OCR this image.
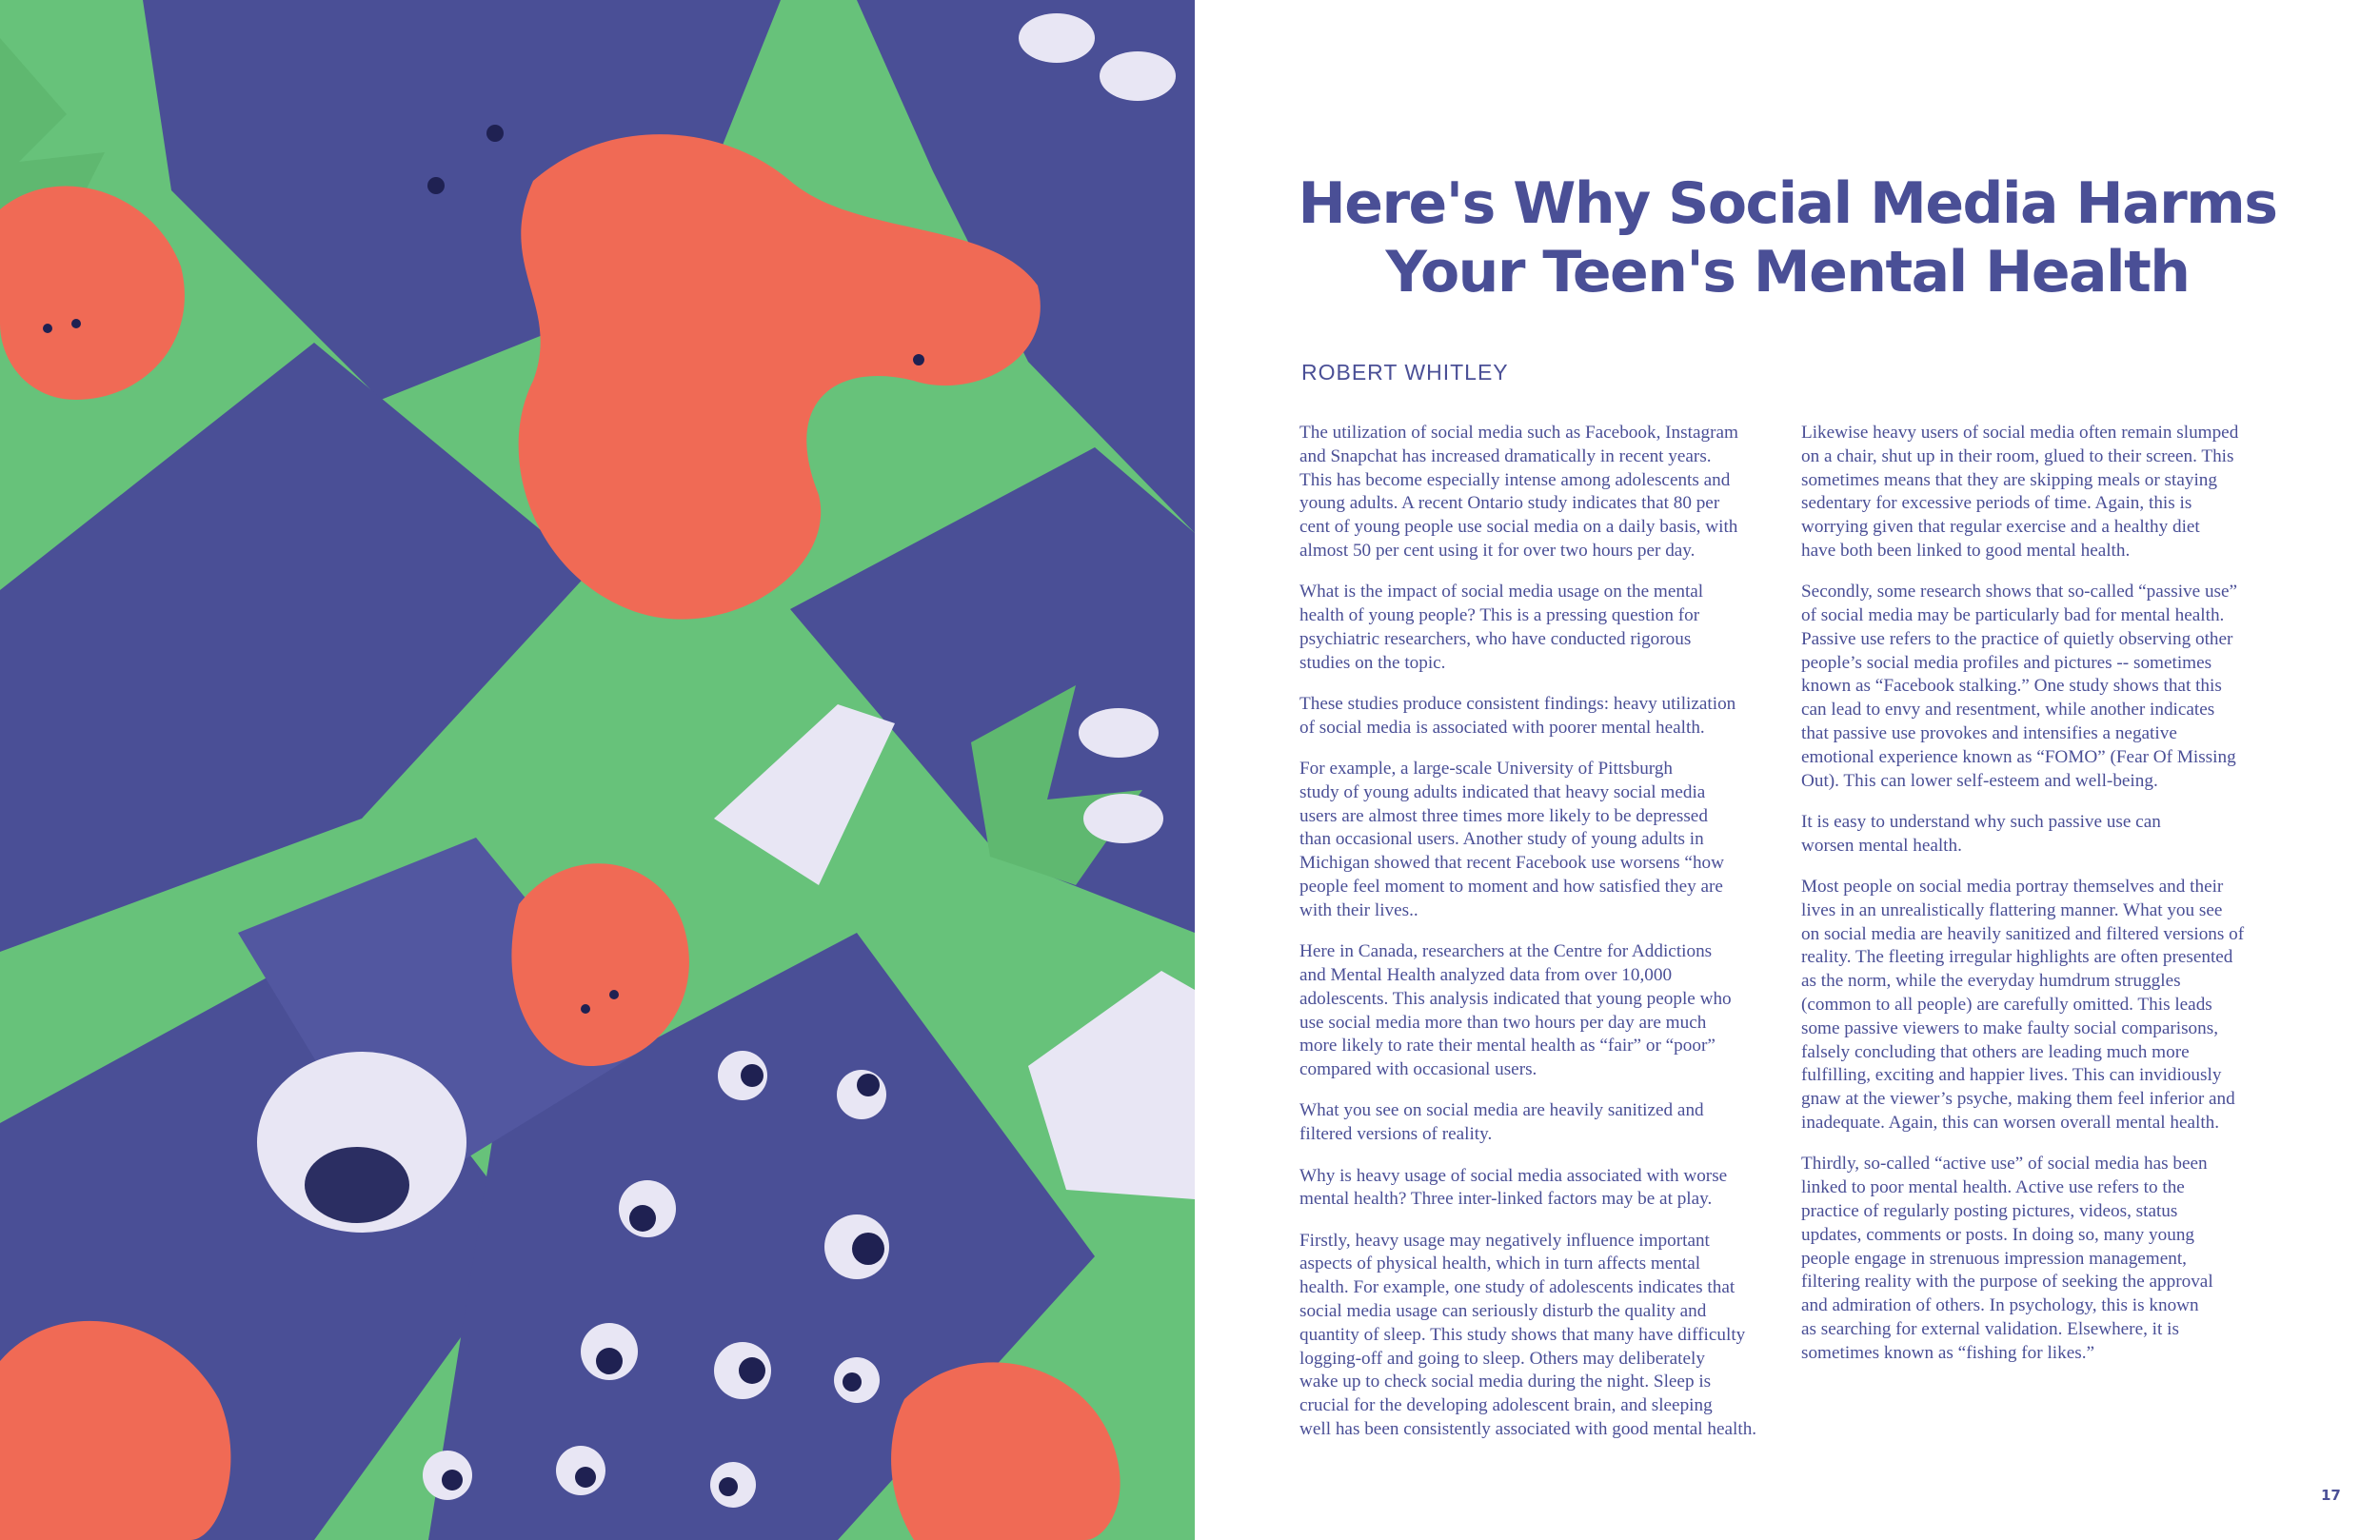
Here's Why Social Media Harms
Your Teen's Mental Health

ROBERT WHITLEY

The utilization of social media such as Facebook, Instagram
and Snapchat has increased dramatically in recent years.
This has become especially intense among adolescents and
young adults. A recent Ontario study indicates that 80 per
cent of young people use social media on a daily basis, with
almost 50 per cent using it for over two hours per day.

What is the impact of social media usage on the mental
health of young people? This is a pressing question for
psychiatric researchers, who have conducted rigorous
studies on the topic.

These studies produce consistent findings: heavy utilization
of social media is associated with poorer mental health.

For example, a large-scale University of Pittsburgh
study of young adults indicated that heavy social media
users are almost three times more likely to be depressed
than occasional users. Another study of young adults in
Michigan showed that recent Facebook use worsens “how
people feel moment to moment and how satisfied they are
with their lives..

Here in Canada, researchers at the Centre for Addictions
and Mental Health analyzed data from over 10,000
adolescents. This analysis indicated that young people who
use social media more than two hours per day are much
more likely to rate their mental health as “fair” or “poor”
compared with occasional users.

What you see on social media are heavily sanitized and
filtered versions of reality.

Why is heavy usage of social media associated with worse
mental health? Three inter-linked factors may be at play.

Firstly, heavy usage may negatively influence important
aspects of physical health, which in turn affects mental
health. For example, one study of adolescents indicates that
social media usage can seriously disturb the quality and
quantity of sleep. This study shows that many have difficulty
logging-off and going to sleep. Others may deliberately
wake up to check social media during the night. Sleep is
crucial for the developing adolescent brain, and sleeping
well has been consistently associated with good mental health.

Likewise heavy users of social media often remain slumped
on a chair, shut up in their room, glued to their screen. This
sometimes means that they are skipping meals or staying
sedentary for excessive periods of time. Again, this is
worrying given that regular exercise and a healthy diet
have both been linked to good mental health.

Secondly, some research shows that so-called “passive use”
of social media may be particularly bad for mental health.
Passive use refers to the practice of quietly observing other
people’s social media profiles and pictures -- sometimes
known as “Facebook stalking.” One study shows that this
can lead to envy and resentment, while another indicates
that passive use provokes and intensifies a negative
emotional experience known as “FOMO” (Fear Of Missing
Out). This can lower self-esteem and well-being.

It is easy to understand why such passive use can
worsen mental health.

Most people on social media portray themselves and their
lives in an unrealistically flattering manner. What you see
on social media are heavily sanitized and filtered versions of
reality. The fleeting irregular highlights are often presented
as the norm, while the everyday humdrum struggles
(common to all people) are carefully omitted. This leads
some passive viewers to make faulty social comparisons,
falsely concluding that others are leading much more
fulfilling, exciting and happier lives. This can invidiously
gnaw at the viewer’s psyche, making them feel inferior and
inadequate. Again, this can worsen overall mental health.

Thirdly, so-called “active use” of social media has been
linked to poor mental health. Active use refers to the
practice of regularly posting pictures, videos, status
updates, comments or posts. In doing so, many young
people engage in strenuous impression management,
filtering reality with the purpose of seeking the approval
and admiration of others. In psychology, this is known
as searching for external validation. Elsewhere, it is
sometimes known as “fishing for likes.”

17
